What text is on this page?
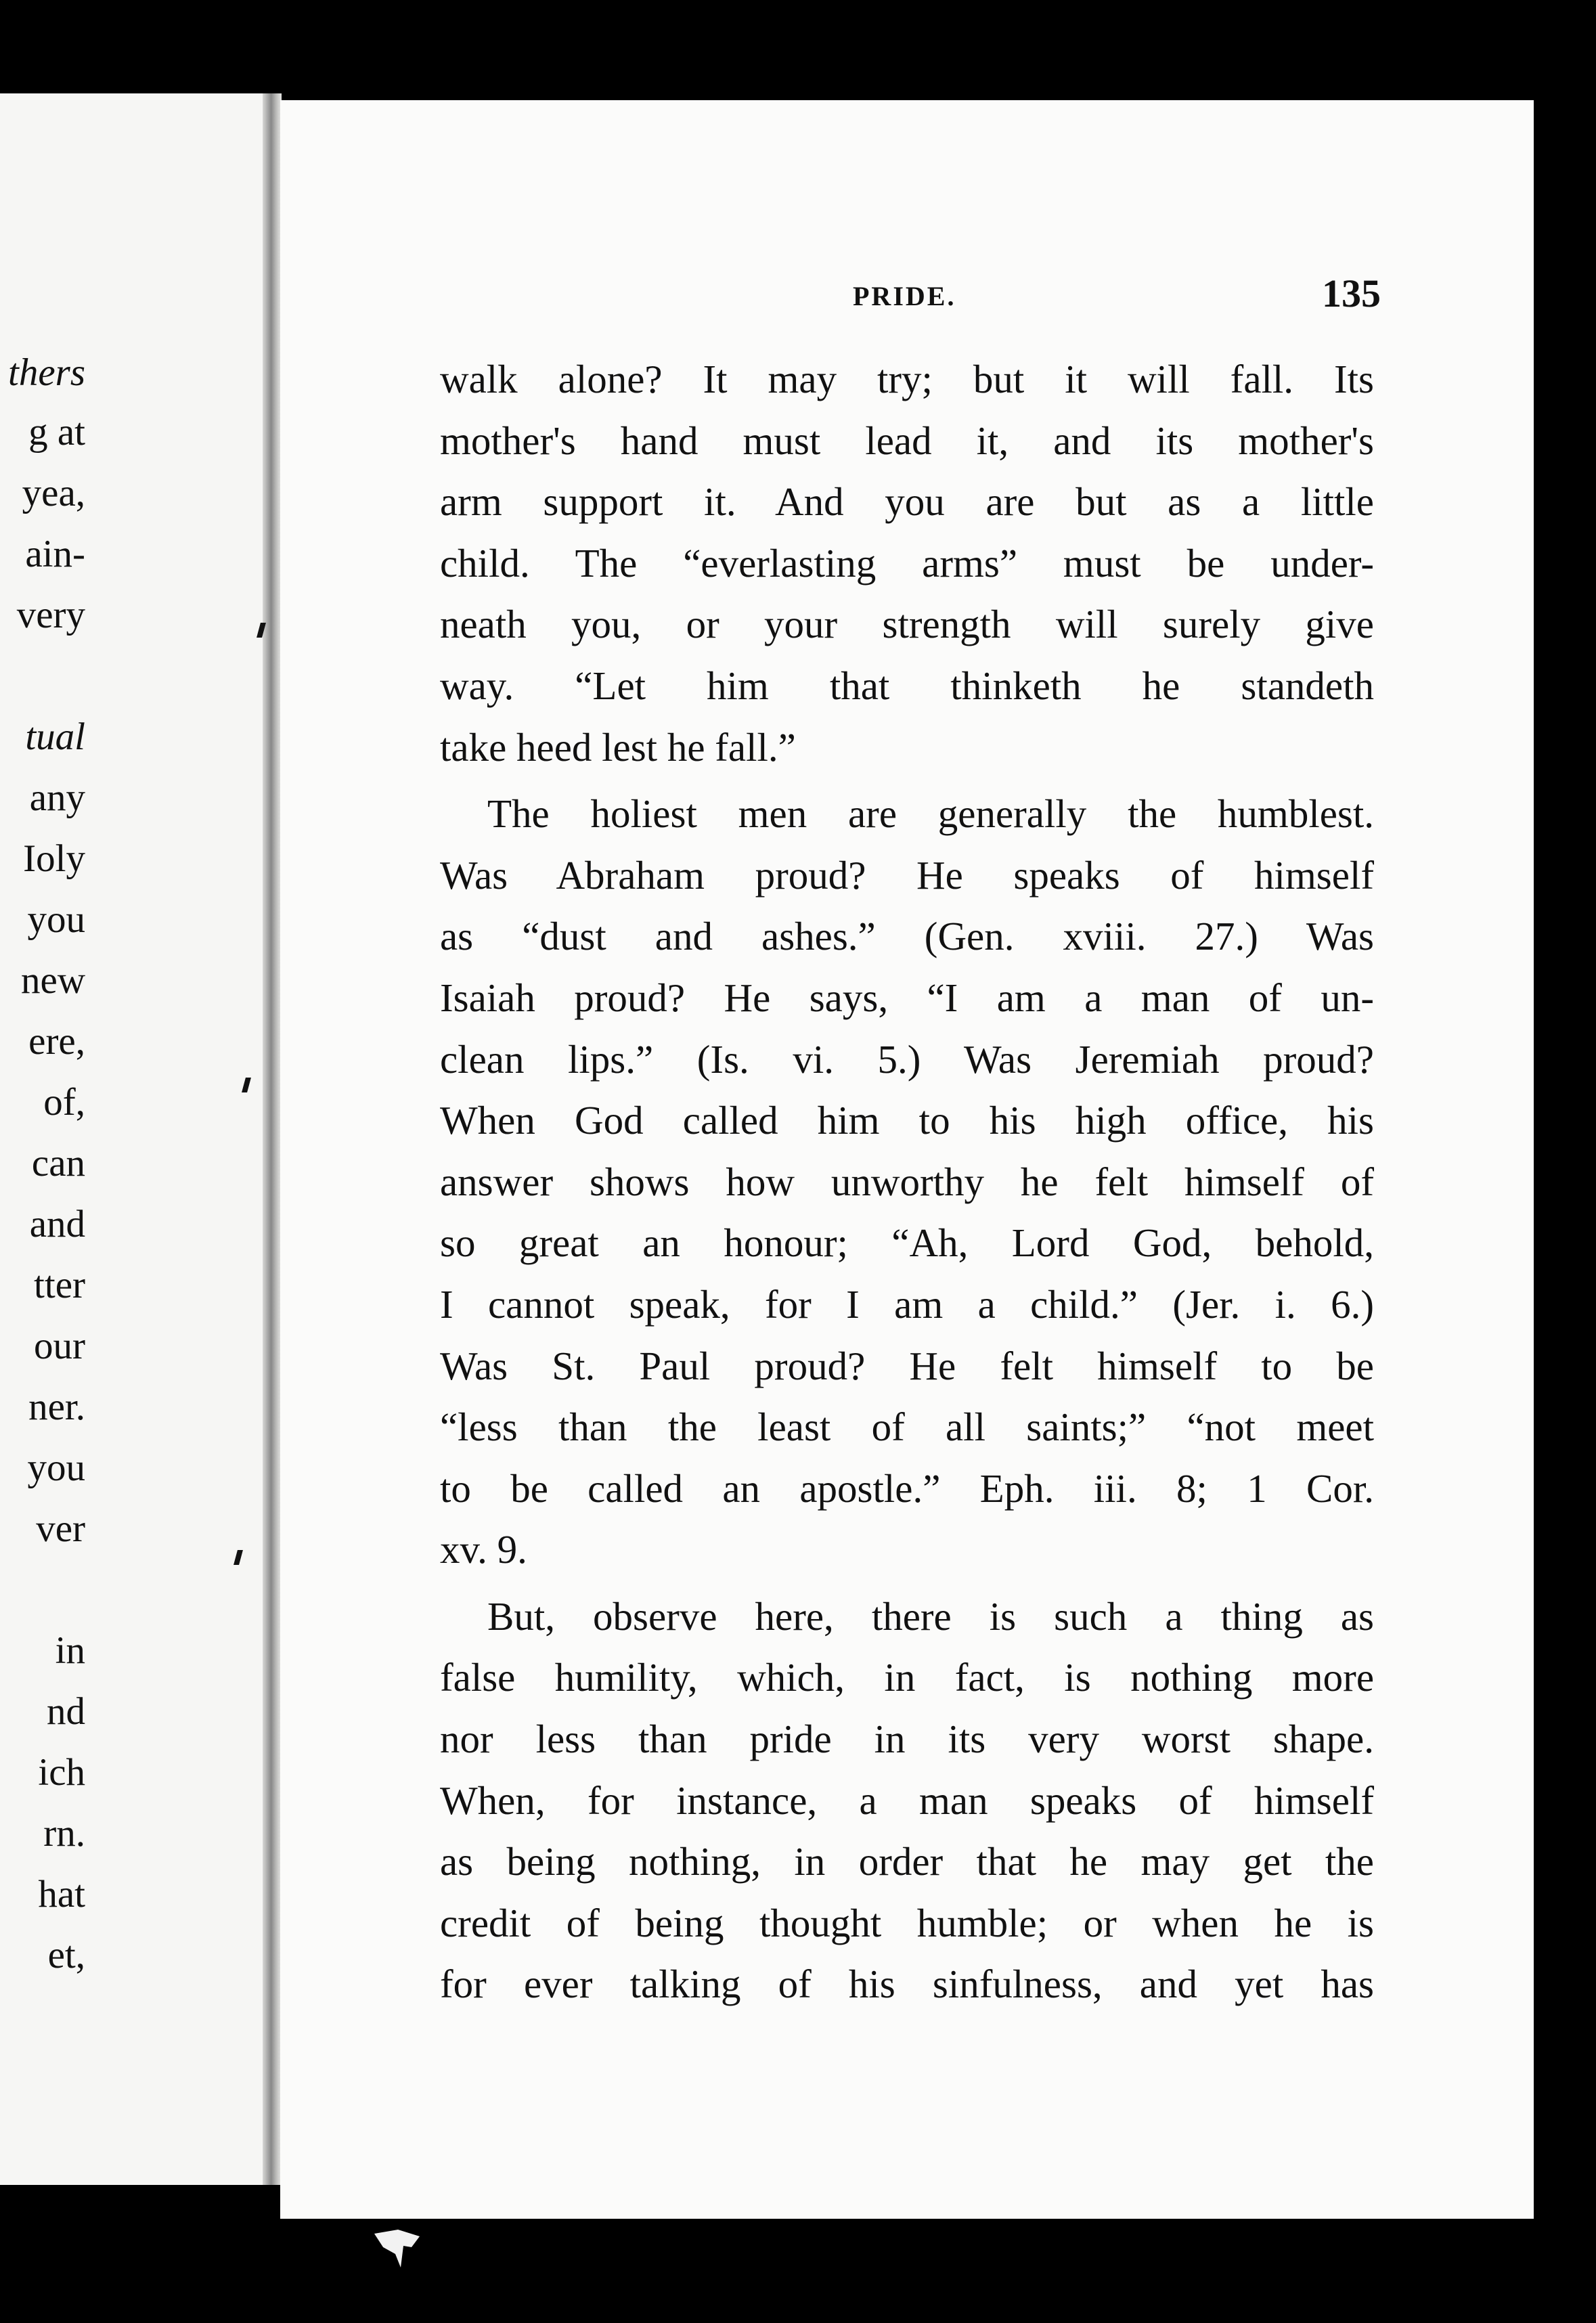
thers
g at
yea,
ain-
very
tual
any
Ioly
you
new
ere,
of,
can
and
tter
our
ner.
you
ver
in
nd
ich
rn.
hat
et,
PRIDE.	135
walk alone? It may try; but it will fall. Its
mother's hand must lead it, and its mother's
arm support it. And you are but as a little
child. The “everlasting arms” must be under-
neath you, or your strength will surely give
way. “Let him that thinketh he standeth
take heed lest he fall.”
The holiest men are generally the humblest.
Was Abraham proud? He speaks of himself
as “dust and ashes.” (Gen. xviii. 27.) Was
Isaiah proud? He says, “I am a man of un-
clean lips.” (Is. vi. 5.) Was Jeremiah proud?
When God called him to his high office, his
answer shows how unworthy he felt himself of
so great an honour; “Ah, Lord God, behold,
I cannot speak, for I am a child.” (Jer. i. 6.)
Was St. Paul proud? He felt himself to be
“less than the least of all saints;” “not meet
to be called an apostle.” Eph. iii. 8; 1 Cor.
xv. 9.
But, observe here, there is such a thing as
false humility, which, in fact, is nothing more
nor less than pride in its very worst shape.
When, for instance, a man speaks of himself
as being nothing, in order that he may get the
credit of being thought humble; or when he is
for ever talking of his sinfulness, and yet has
